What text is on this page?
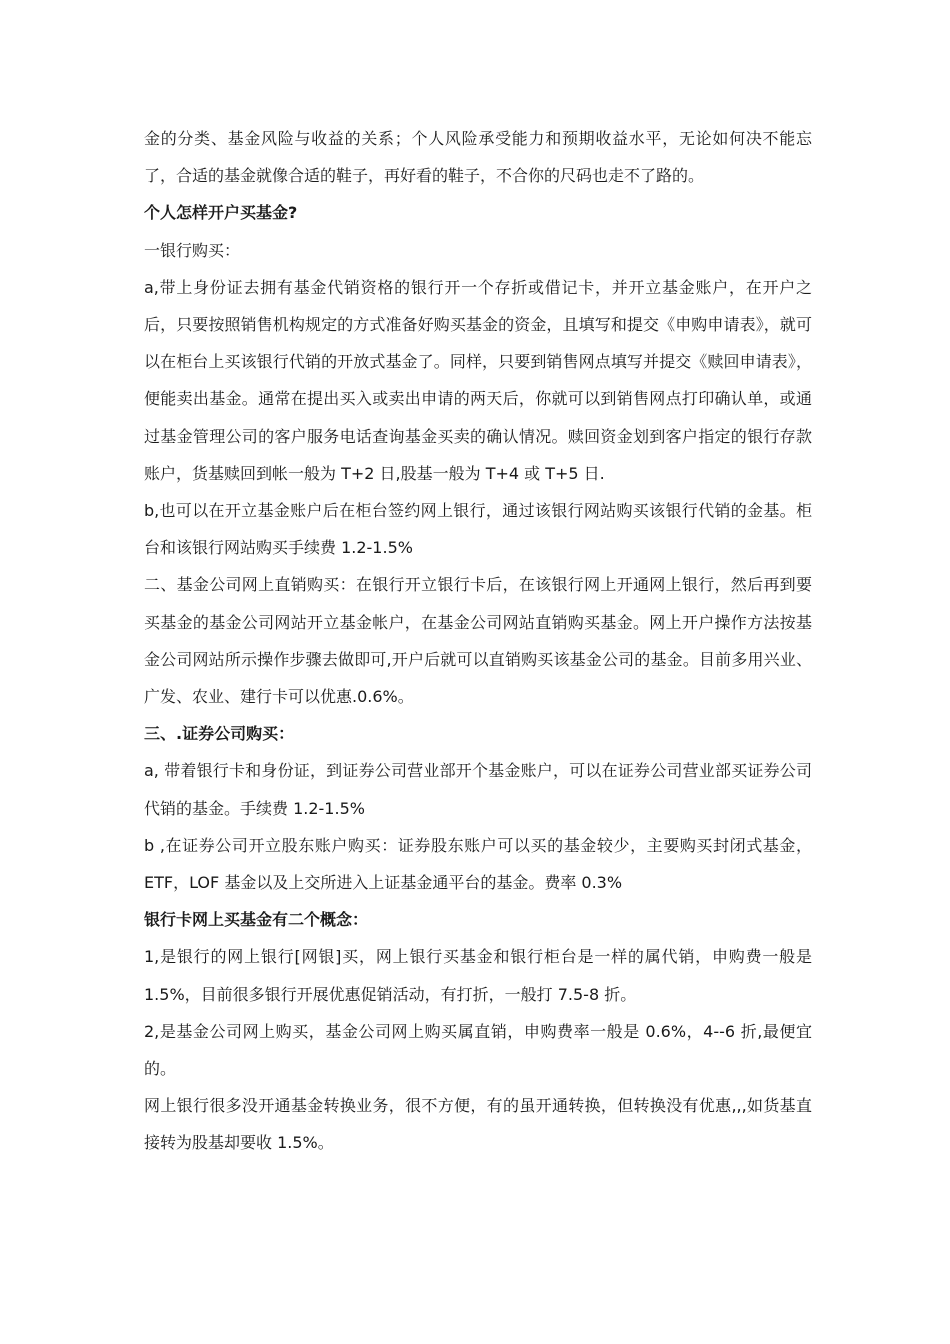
金的分类、基金风险与收益的关系；个人风险承受能力和预期收益水平，无论如何决不能忘了，合适的基金就像合适的鞋子，再好看的鞋子，不合你的尺码也走不了路的。

个人怎样开户买基金?

一银行购买：

a,带上身份证去拥有基金代销资格的银行开一个存折或借记卡，并开立基金账户，在开户之后，只要按照销售机构规定的方式准备好购买基金的资金，且填写和提交《申购申请表》，就可以在柜台上买该银行代销的开放式基金了。同样，只要到销售网点填写并提交《赎回申请表》，便能卖出基金。通常在提出买入或卖出申请的两天后，你就可以到销售网点打印确认单，或通过基金管理公司的客户服务电话查询基金买卖的确认情况。赎回资金划到客户指定的银行存款账户，货基赎回到帐一般为 T+2 日,股基一般为 T+4 或 T+5 日.

b,也可以在开立基金账户后在柜台签约网上银行，通过该银行网站购买该银行代销的金基。柜台和该银行网站购买手续费 1.2-1.5%

二、基金公司网上直销购买：在银行开立银行卡后，在该银行网上开通网上银行，然后再到要买基金的基金公司网站开立基金帐户，在基金公司网站直销购买基金。网上开户操作方法按基金公司网站所示操作步骤去做即可,开户后就可以直销购买该基金公司的基金。目前多用兴业、广发、农业、建行卡可以优惠.0.6%。

三、.证券公司购买：

a, 带着银行卡和身份证，到证券公司营业部开个基金账户，可以在证券公司营业部买证券公司代销的基金。手续费 1.2-1.5%

b ,在证券公司开立股东账户购买：证券股东账户可以买的基金较少，主要购买封闭式基金，ETF，LOF 基金以及上交所进入上证基金通平台的基金。费率 0.3%

银行卡网上买基金有二个概念：

1,是银行的网上银行[网银]买，网上银行买基金和银行柜台是一样的属代销，申购费一般是 1.5%，目前很多银行开展优惠促销活动，有打折，一般打 7.5-8 折。

2,是基金公司网上购买，基金公司网上购买属直销，申购费率一般是 0.6%，4--6 折,最便宜的。

网上银行很多没开通基金转换业务，很不方便，有的虽开通转换，但转换没有优惠,,,如货基直接转为股基却要收 1.5%。
